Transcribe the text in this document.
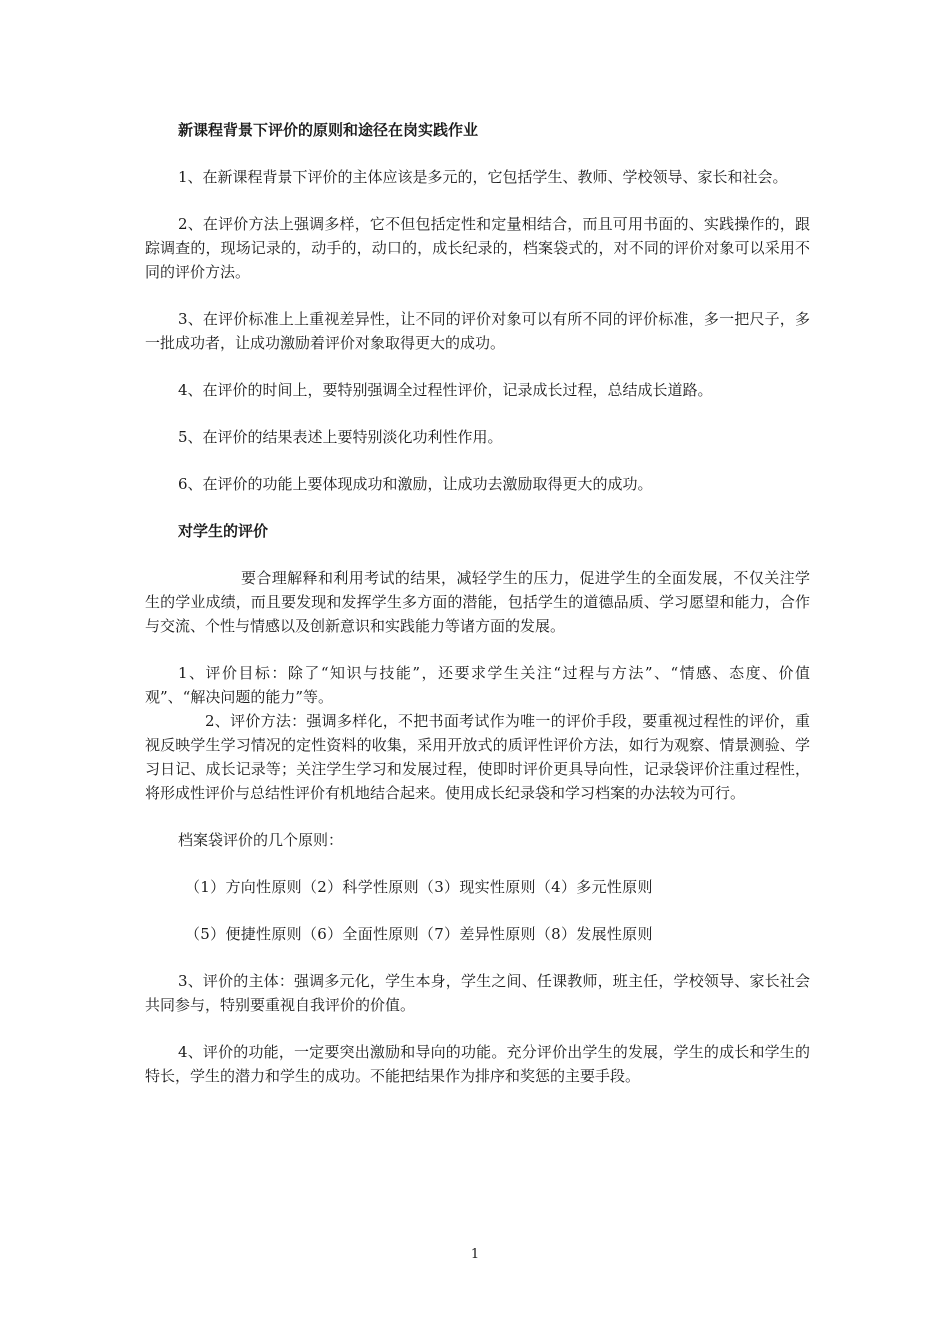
新课程背景下评价的原则和途径在岗实践作业
1、在新课程背景下评价的主体应该是多元的，它包括学生、教师、学校领导、家长和社会。
2、在评价方法上强调多样，它不但包括定性和定量相结合，而且可用书面的、实践操作的，跟踪调查的，现场记录的，动手的，动口的，成长纪录的，档案袋式的，对不同的评价对象可以采用不同的评价方法。
3、在评价标准上上重视差异性，让不同的评价对象可以有所不同的评价标准，多一把尺子，多一批成功者，让成功激励着评价对象取得更大的成功。
4、在评价的时间上，要特别强调全过程性评价，记录成长过程，总结成长道路。
5、在评价的结果表述上要特别淡化功利性作用。
6、在评价的功能上要体现成功和激励，让成功去激励取得更大的成功。
对学生的评价
要合理解释和利用考试的结果，减轻学生的压力，促进学生的全面发展，不仅关注学生的学业成绩，而且要发现和发挥学生多方面的潜能，包括学生的道德品质、学习愿望和能力，合作与交流、个性与情感以及创新意识和实践能力等诸方面的发展。
1、评价目标：除了“知识与技能”，还要求学生关注“过程与方法”、“情感、态度、价值观”、“解决问题的能力”等。
2、评价方法：强调多样化，不把书面考试作为唯一的评价手段，要重视过程性的评价，重视反映学生学习情况的定性资料的收集，采用开放式的质评性评价方法，如行为观察、情景测验、学习日记、成长记录等；关注学生学习和发展过程，使即时评价更具导向性，记录袋评价注重过程性，将形成性评价与总结性评价有机地结合起来。使用成长纪录袋和学习档案的办法较为可行。
档案袋评价的几个原则：
（1）方向性原则（2）科学性原则（3）现实性原则（4）多元性原则
（5）便捷性原则（6）全面性原则（7）差异性原则（8）发展性原则
3、评价的主体：强调多元化，学生本身，学生之间、任课教师，班主任，学校领导、家长社会共同参与，特别要重视自我评价的价值。
4、评价的功能，一定要突出激励和导向的功能。充分评价出学生的发展，学生的成长和学生的特长，学生的潜力和学生的成功。不能把结果作为排序和奖惩的主要手段。
1
